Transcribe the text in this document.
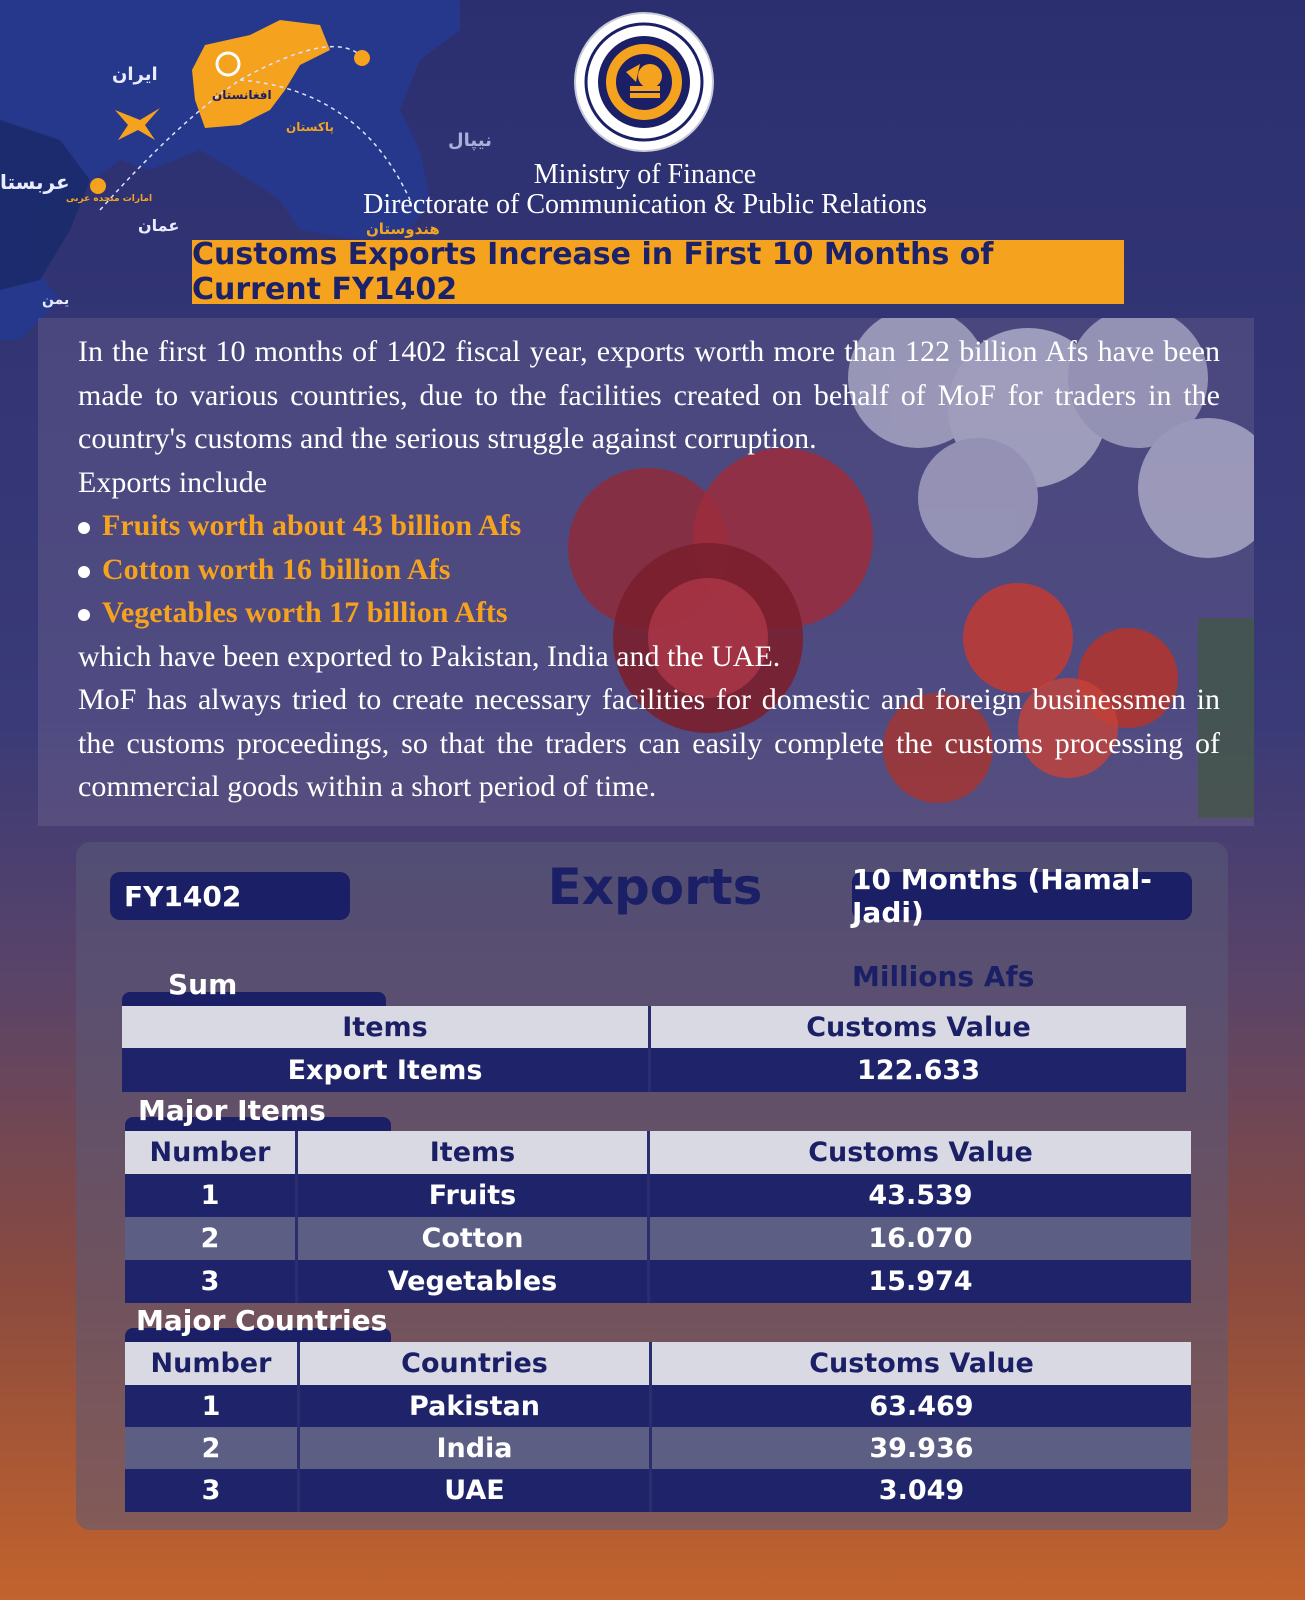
ایران
افغانستان
پاکستان
نیپال
عربستا
امارات متحده عربی
عمان	هندوستان
یمن
Ministry of Finance
Directorate of Communication & Public Relations
Customs Exports Increase in First 10 Months of Current FY1402

In the first 10 months of 1402 fiscal year, exports worth more than 122 billion Afs have been made to various countries, due to the facilities created on behalf of MoF for traders in the country's customs and the serious struggle against corruption.

Exports include

Fruits worth about 43 billion Afs
Cotton worth 16 billion Afs
Vegetables worth 17 billion Afts

which have been exported to Pakistan, India and the UAE.

MoF has always tried to create necessary facilities for domestic and foreign businessmen in the customs proceedings, so that the traders can easily complete the customs processing of commercial goods within a short period of time.

FY1402	Exports	10 Months (Hamal-Jadi)
Millions Afs
Sum
Items	Customs Value
Export Items	122.633
Major Items
Number	Items	Customs Value
1	Fruits	43.539
2	Cotton	16.070
3	Vegetables	15.974
Major Countries
Number	Countries	Customs Value
1	Pakistan	63.469
2	India	39.936
3	UAE	3.049
